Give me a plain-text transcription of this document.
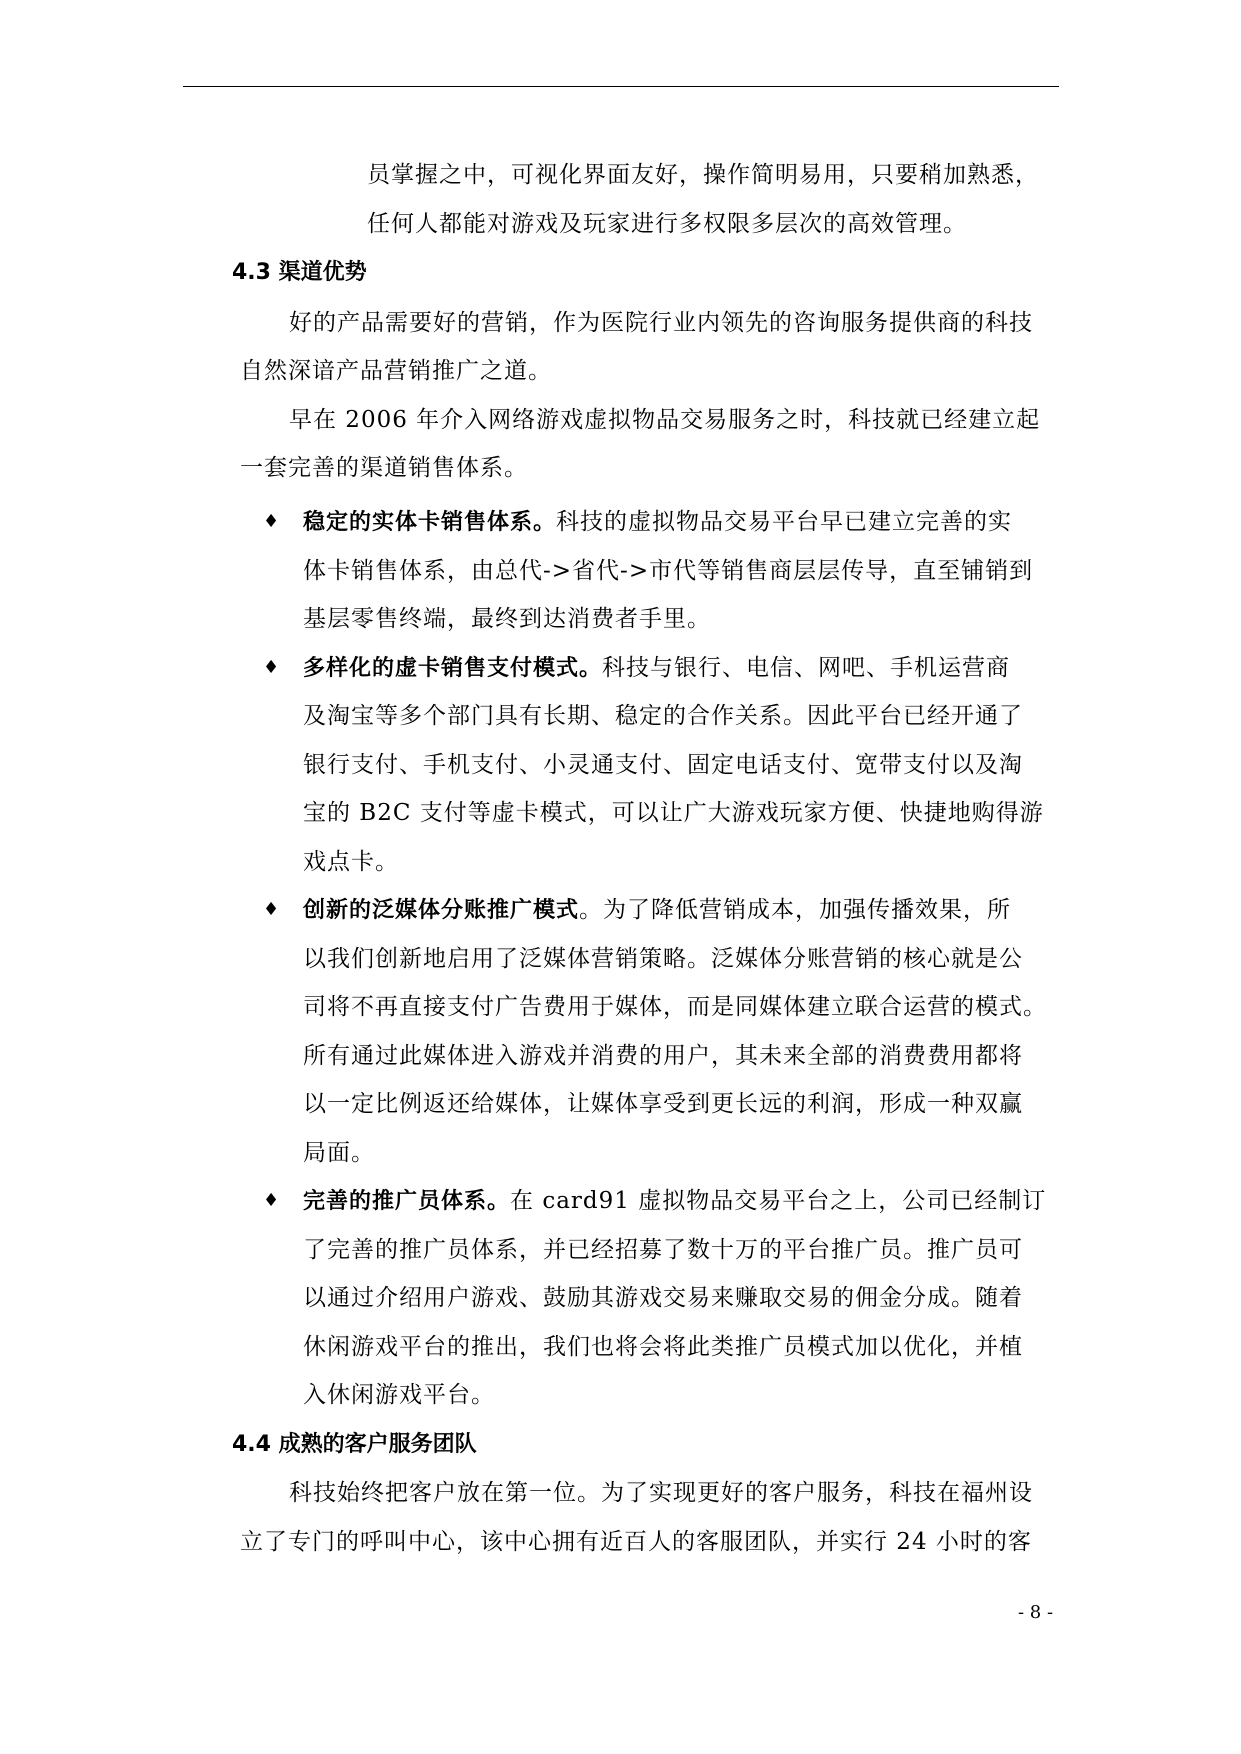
员掌握之中，可视化界面友好，操作简明易用，只要稍加熟悉，
任何人都能对游戏及玩家进行多权限多层次的高效管理。
4.3 渠道优势
好的产品需要好的营销，作为医院行业内领先的咨询服务提供商的科技
自然深谙产品营销推广之道。
早在 2006 年介入网络游戏虚拟物品交易服务之时，科技就已经建立起
一套完善的渠道销售体系。
♦ 稳定的实体卡销售体系。科技的虚拟物品交易平台早已建立完善的实
体卡销售体系，由总代->省代->市代等销售商层层传导，直至铺销到
基层零售终端，最终到达消费者手里。
♦ 多样化的虚卡销售支付模式。科技与银行、电信、网吧、手机运营商
及淘宝等多个部门具有长期、稳定的合作关系。因此平台已经开通了
银行支付、手机支付、小灵通支付、固定电话支付、宽带支付以及淘
宝的 B2C 支付等虚卡模式，可以让广大游戏玩家方便、快捷地购得游
戏点卡。
♦ 创新的泛媒体分账推广模式。为了降低营销成本，加强传播效果，所
以我们创新地启用了泛媒体营销策略。泛媒体分账营销的核心就是公
司将不再直接支付广告费用于媒体，而是同媒体建立联合运营的模式。
所有通过此媒体进入游戏并消费的用户，其未来全部的消费费用都将
以一定比例返还给媒体，让媒体享受到更长远的利润，形成一种双赢
局面。
♦ 完善的推广员体系。在 card91 虚拟物品交易平台之上，公司已经制订
了完善的推广员体系，并已经招募了数十万的平台推广员。推广员可
以通过介绍用户游戏、鼓励其游戏交易来赚取交易的佣金分成。随着
休闲游戏平台的推出，我们也将会将此类推广员模式加以优化，并植
入休闲游戏平台。
4.4 成熟的客户服务团队
科技始终把客户放在第一位。为了实现更好的客户服务，科技在福州设
立了专门的呼叫中心，该中心拥有近百人的客服团队，并实行 24 小时的客
- 8 -
